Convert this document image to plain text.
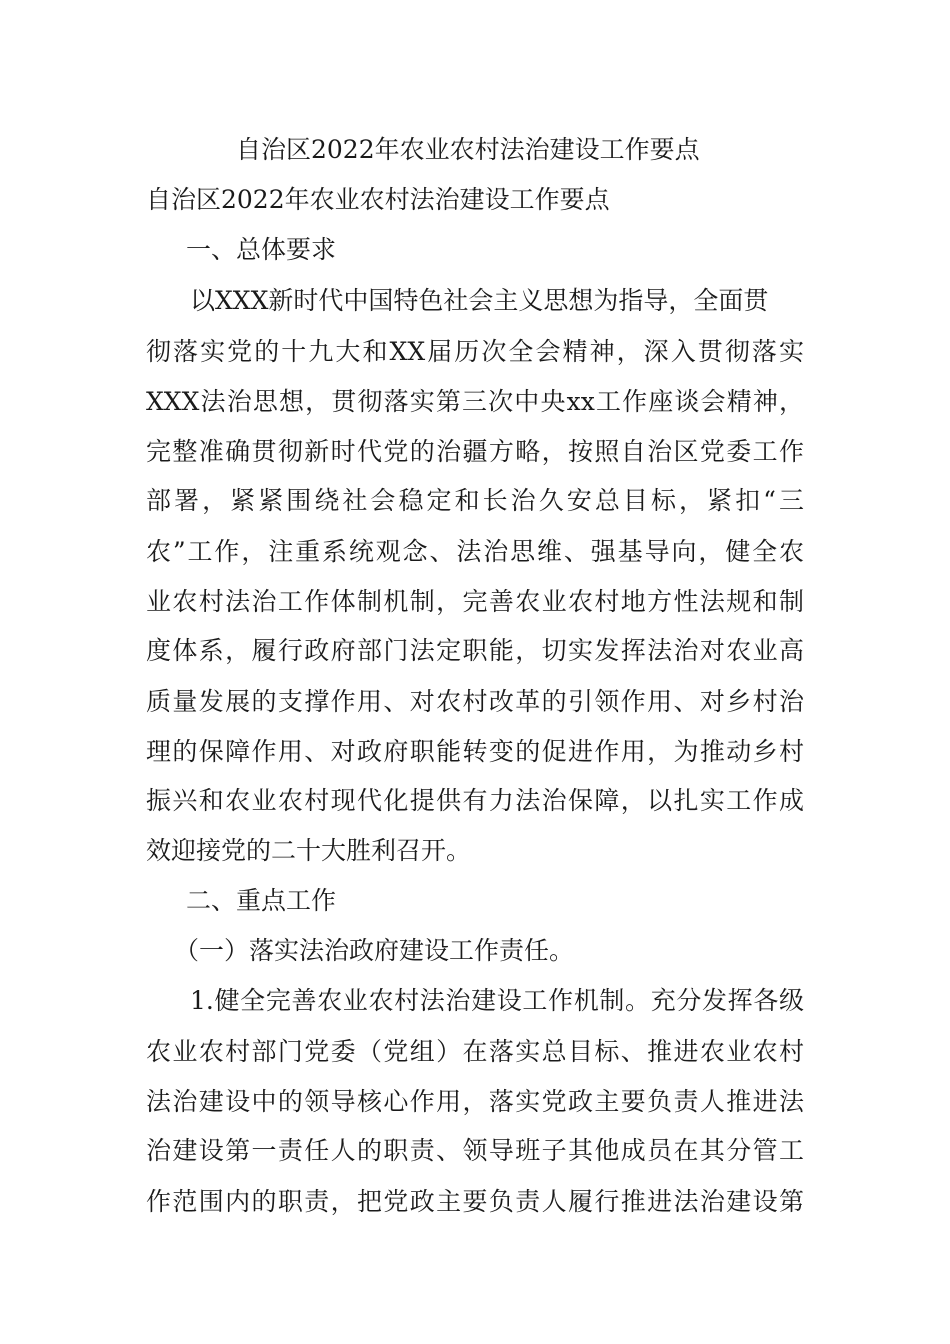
自治区2022年农业农村法治建设工作要点

自治区2022年农业农村法治建设工作要点

一、总体要求

以XXX新时代中国特色社会主义思想为指导，全面贯

彻落实党的十九大和XX届历次全会精神，深入贯彻落实

XXX法治思想，贯彻落实第三次中央xx工作座谈会精神，

完整准确贯彻新时代党的治疆方略，按照自治区党委工作

部署，紧紧围绕社会稳定和长治久安总目标，紧扣“三

农”工作，注重系统观念、法治思维、强基导向，健全农

业农村法治工作体制机制，完善农业农村地方性法规和制

度体系，履行政府部门法定职能，切实发挥法治对农业高

质量发展的支撑作用、对农村改革的引领作用、对乡村治

理的保障作用、对政府职能转变的促进作用，为推动乡村

振兴和农业农村现代化提供有力法治保障，以扎实工作成

效迎接党的二十大胜利召开。

二、重点工作

（一）落实法治政府建设工作责任。

1.健全完善农业农村法治建设工作机制。充分发挥各级

农业农村部门党委（党组）在落实总目标、推进农业农村

法治建设中的领导核心作用，落实党政主要负责人推进法

治建设第一责任人的职责、领导班子其他成员在其分管工

作范围内的职责，把党政主要负责人履行推进法治建设第
